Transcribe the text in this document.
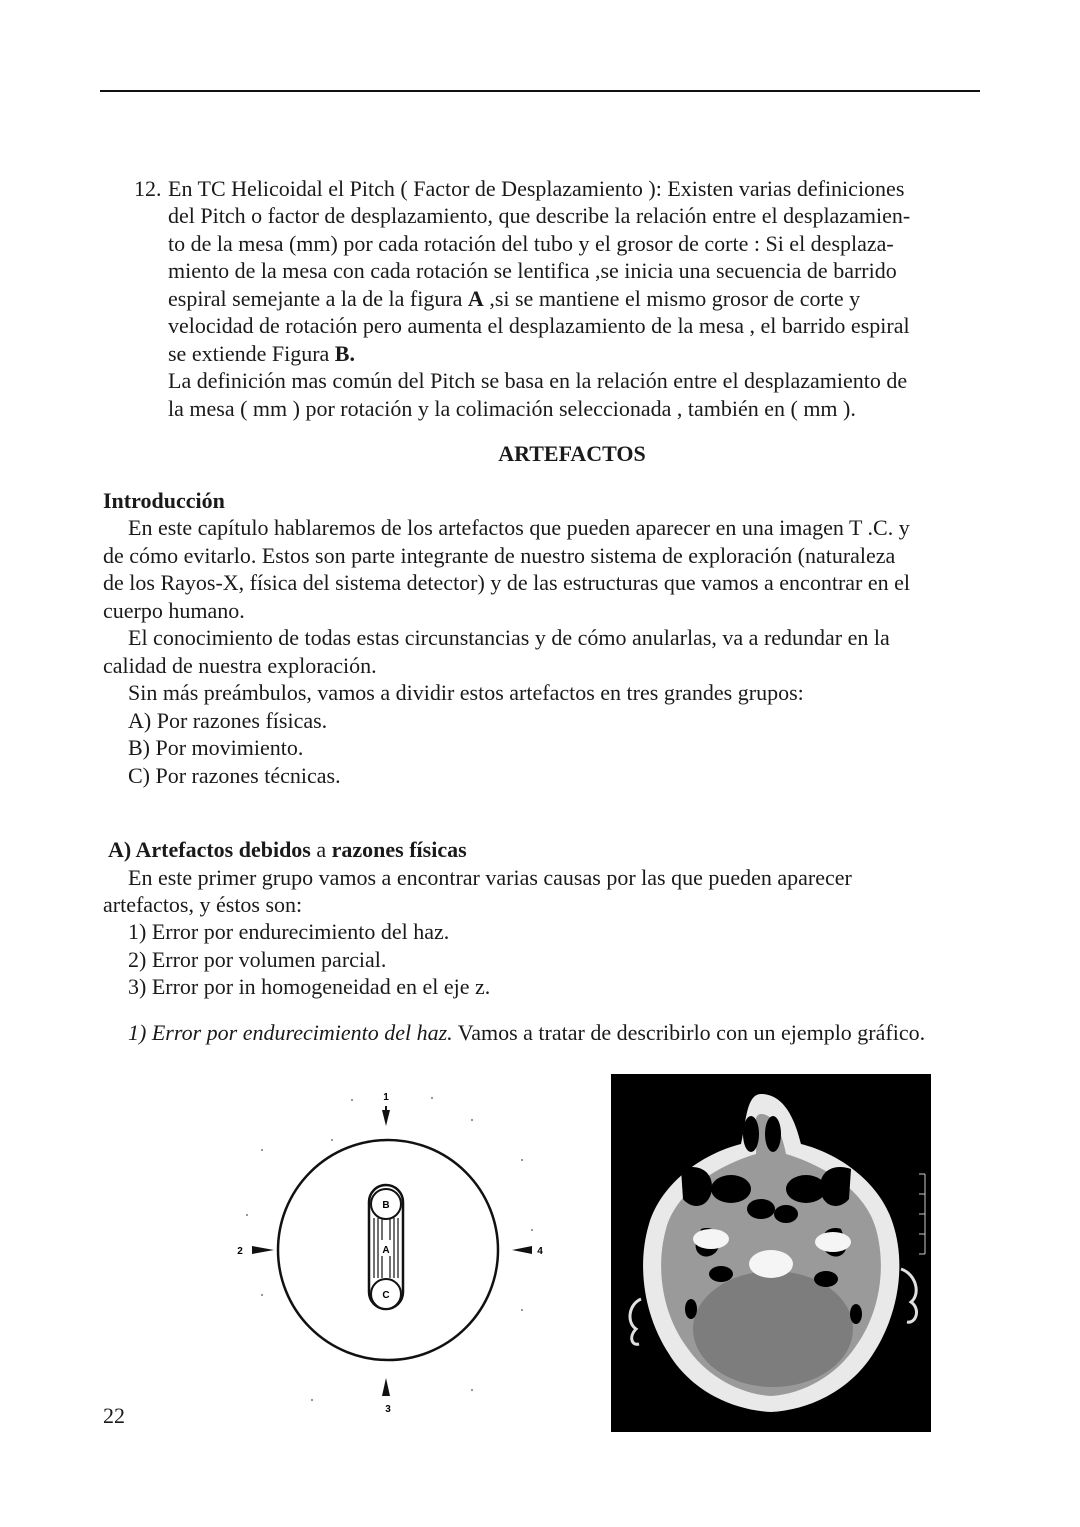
12. En TC Helicoidal el Pitch ( Factor de Desplazamiento ): Existen varias definiciones

del Pitch o factor de desplazamiento, que describe la relación entre el desplazamien-

to de la mesa (mm) por cada rotación del tubo y el grosor de corte : Si el desplaza-

miento de la mesa con cada rotación se lentifica ,se inicia una secuencia de barrido

espiral semejante a la de la figura A ,si se mantiene el mismo grosor de corte y

velocidad de rotación pero aumenta el desplazamiento de la mesa , el barrido espiral

se extiende Figura B.

La definición mas común del Pitch se basa en la relación entre el desplazamiento de

la mesa ( mm ) por rotación y la colimación seleccionada , también en ( mm ).

ARTEFACTOS

Introducción

En este capítulo hablaremos de los artefactos que pueden aparecer en una imagen T .C. y

de cómo evitarlo. Estos son parte integrante de nuestro sistema de exploración (naturaleza

de los Rayos-X, física del sistema detector) y de las estructuras que vamos a encontrar en el

cuerpo humano.

El conocimiento de todas estas circunstancias y de cómo anularlas, va a redundar en la

calidad de nuestra exploración.

Sin más preámbulos, vamos a dividir estos artefactos en tres grandes grupos:

A) Por razones físicas.

B) Por movimiento.

C) Por razones técnicas.

A) Artefactos debidos a razones físicas

En este primer grupo vamos a encontrar varias causas por las que pueden aparecer

artefactos, y éstos son:

1) Error por endurecimiento del haz.

2) Error por volumen parcial.

3) Error por in homogeneidad en el eje z.

1) Error por endurecimiento del haz. Vamos a tratar de describirlo con un ejemplo gráfico.

B
A
C
1
2
3
4
22
